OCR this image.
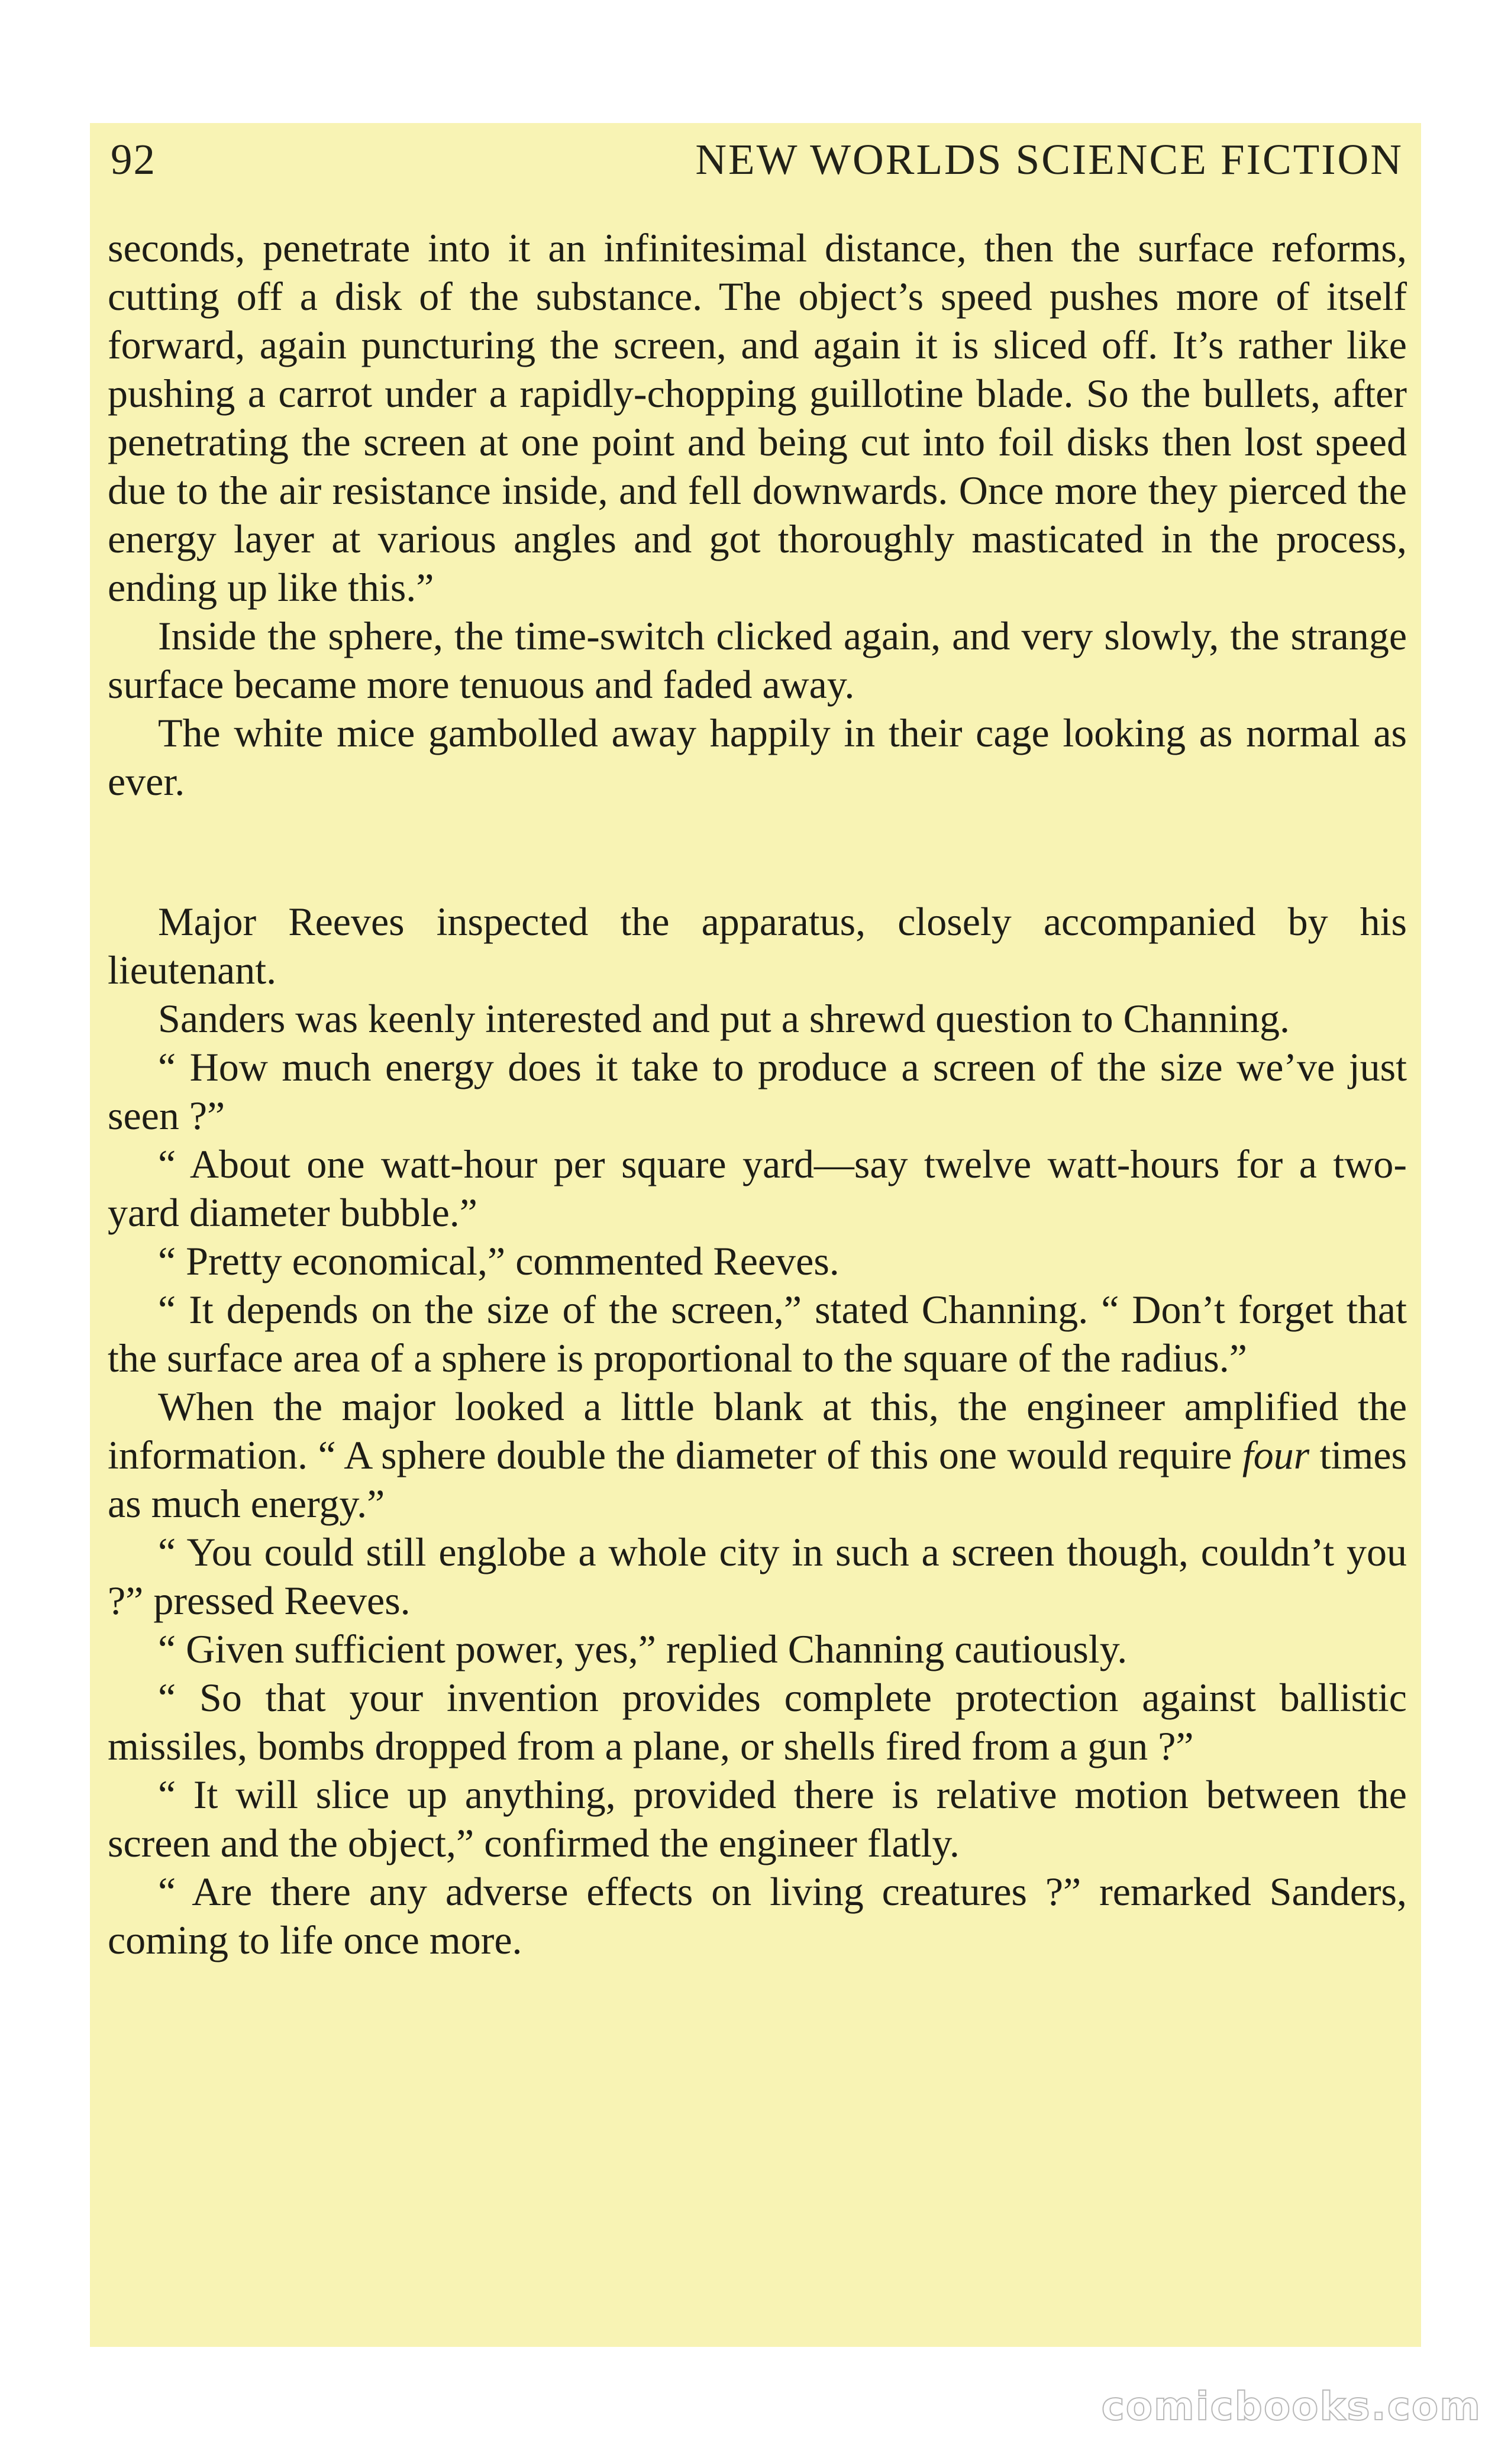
92	NEW WORLDS SCIENCE FICTION

seconds, penetrate into it an infinitesimal distance, then the surface reforms, cutting off a disk of the substance. The object’s speed pushes more of itself forward, again puncturing the screen, and again it is sliced off. It’s rather like pushing a carrot under a rapidly-chopping guillotine blade. So the bullets, after penetrating the screen at one point and being cut into foil disks then lost speed due to the air resistance inside, and fell downwards. Once more they pierced the energy layer at various angles and got thoroughly masticated in the process, ending up like this.”

Inside the sphere, the time-switch clicked again, and very slowly, the strange surface became more tenuous and faded away.

The white mice gambolled away happily in their cage looking as normal as ever.

Major Reeves inspected the apparatus, closely accompanied by his lieutenant.

Sanders was keenly interested and put a shrewd question to Channing.

“ How much energy does it take to produce a screen of the size we’ve just seen ?”

“ About one watt-hour per square yard—say twelve watt-hours for a two-yard diameter bubble.”

“ Pretty economical,” commented Reeves.

“ It depends on the size of the screen,” stated Channing. “ Don’t forget that the surface area of a sphere is proportional to the square of the radius.”

When the major looked a little blank at this, the engineer amplified the information. “ A sphere double the diameter of this one would require four times as much energy.”

“ You could still englobe a whole city in such a screen though, couldn’t you ?” pressed Reeves.

“ Given sufficient power, yes,” replied Channing cautiously.

“ So that your invention provides complete protection against ballistic missiles, bombs dropped from a plane, or shells fired from a gun ?”

“ It will slice up anything, provided there is relative motion between the screen and the object,” confirmed the engineer flatly.

“ Are there any adverse effects on living creatures ?” remarked Sanders, coming to life once more.

comicbooks.com
